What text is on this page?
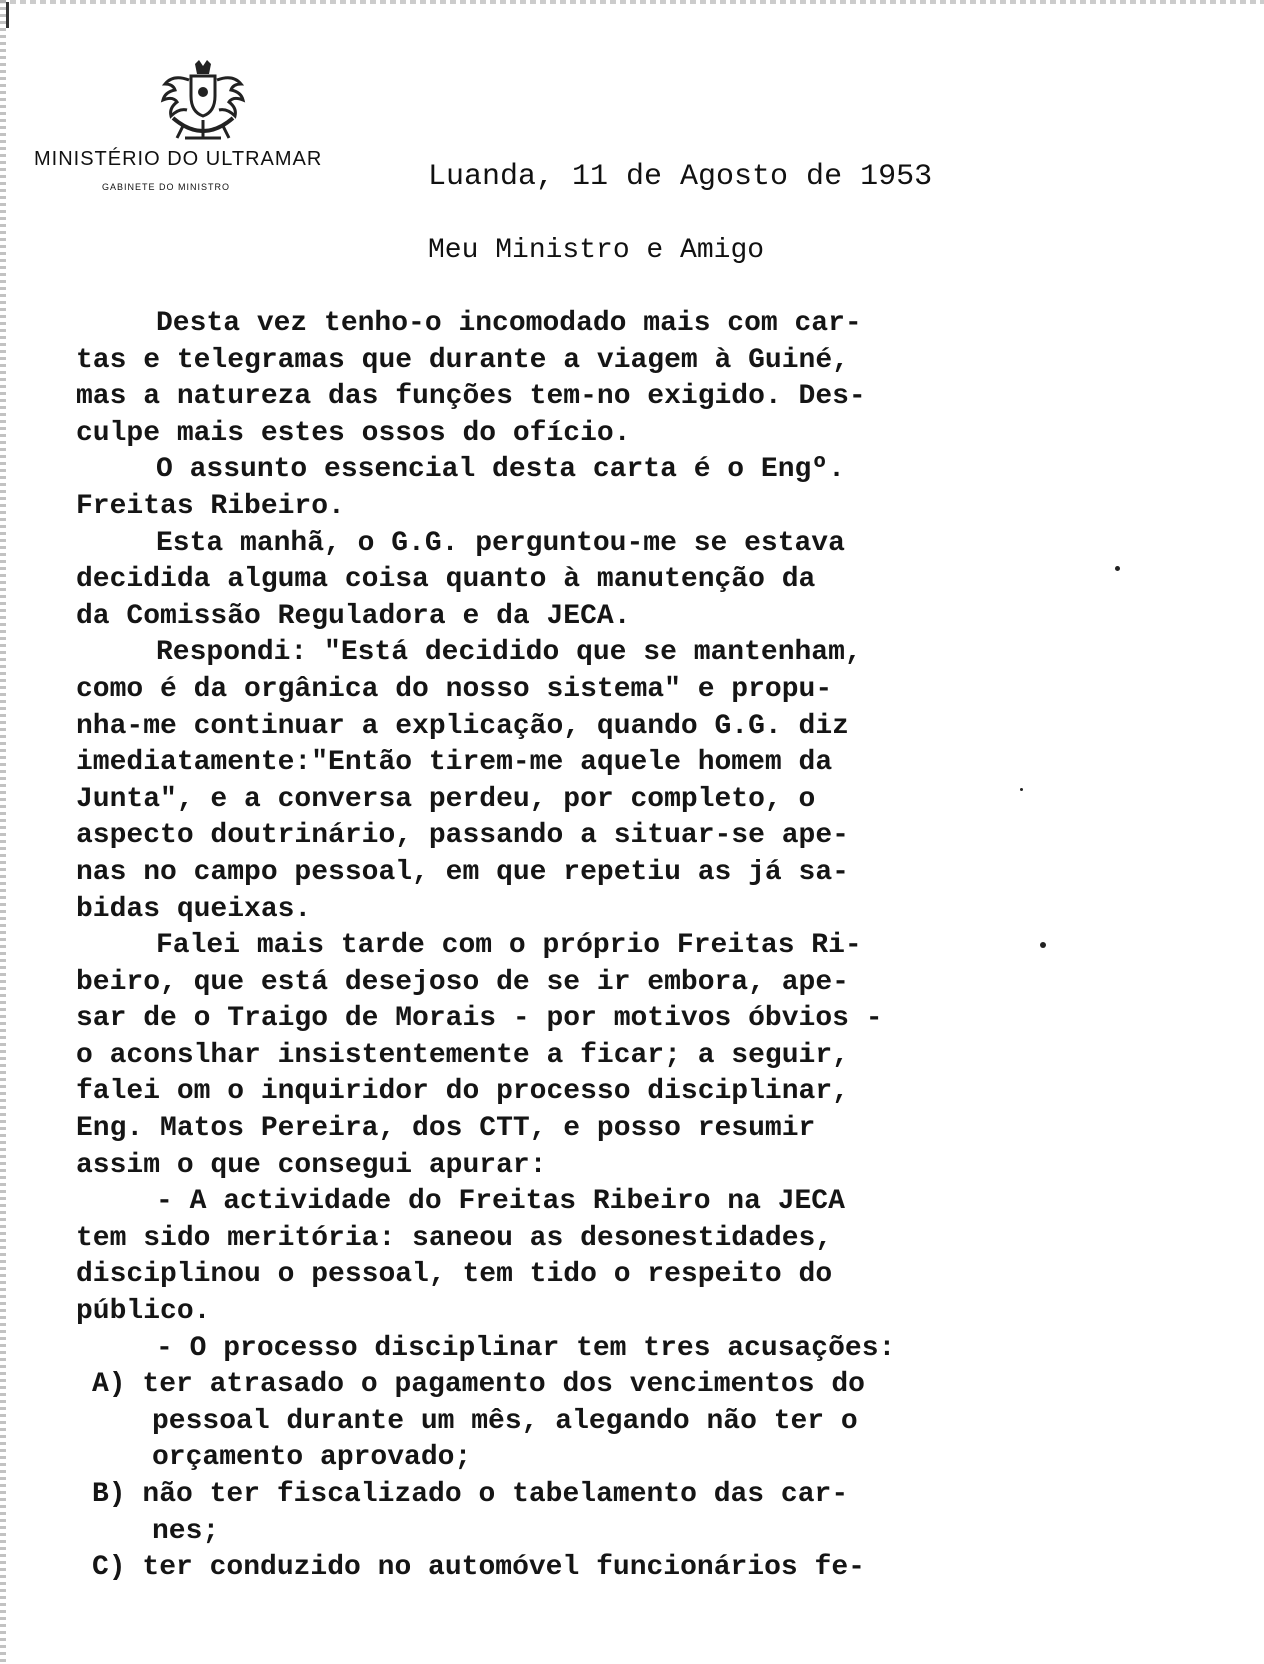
MINISTÉRIO DO ULTRAMAR
GABINETE DO MINISTRO	Luanda, 11 de Agosto de 1953
Meu Ministro e Amigo
Desta vez tenho-o incomodado mais com car-
tas e telegramas que durante a viagem à Guiné,
mas a natureza das funções tem-no exigido. Des-
culpe mais estes ossos do ofício.
O assunto essencial desta carta é o Engº.
Freitas Ribeiro.
Esta manhã, o G.G. perguntou-me se estava
decidida alguma coisa quanto à manutenção da
da Comissão Reguladora e da JECA.
Respondi: "Está decidido que se mantenham,
como é da orgânica do nosso sistema" e propu-
nha-me continuar a explicação, quando G.G. diz
imediatamente:"Então tirem-me aquele homem da
Junta", e a conversa perdeu, por completo, o
aspecto doutrinário, passando a situar-se ape-
nas no campo pessoal, em que repetiu as já sa-
bidas queixas.
Falei mais tarde com o próprio Freitas Ri-
beiro, que está desejoso de se ir embora, ape-
sar de o Traigo de Morais - por motivos óbvios -
o aconslhar insistentemente a ficar; a seguir,
falei om o inquiridor do processo disciplinar,
Eng. Matos Pereira, dos CTT, e posso resumir
assim o que consegui apurar:
- A actividade do Freitas Ribeiro na JECA
tem sido meritória: saneou as desonestidades,
disciplinou o pessoal, tem tido o respeito do
público.
- O processo disciplinar tem tres acusações:
A) ter atrasado o pagamento dos vencimentos do
pessoal durante um mês, alegando não ter o
orçamento aprovado;
B) não ter fiscalizado o tabelamento das car-
nes;
C) ter conduzido no automóvel funcionários fe-
